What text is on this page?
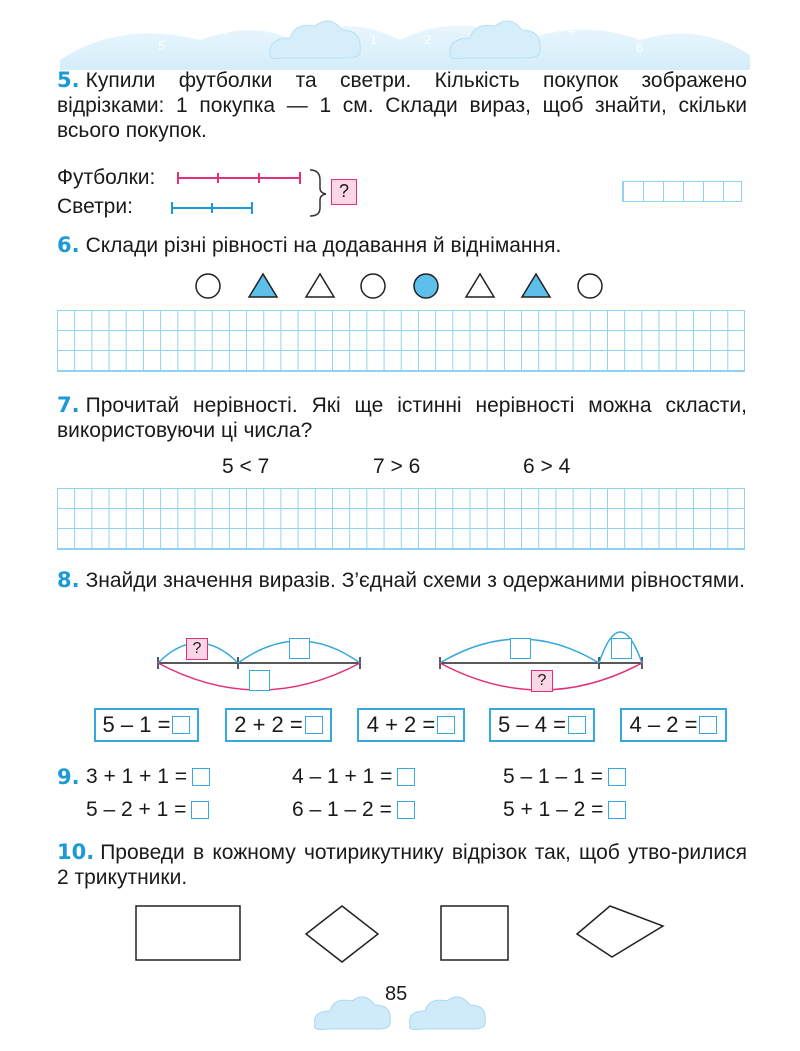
7
5
3
1
0
2
4
6
8
5. Купили футболки та светри. Кількість покупок зображено відрізками: 1 покупка — 1 см. Склади вираз, щоб знайти, скільки всього покупок.
Футболки:
Светри:
?
6. Склади різні рівності на додавання й віднімання.
7. Прочитай нерівності. Які ще істинні нерівності можна скласти, використовуючи ці числа?
5 < 7	7 > 6	6 > 4
8. Знайди значення виразів. З’єднай схеми з одержаними рівностями.
?
?
5 – 1 =	2 + 2 =	4 + 2 =	5 – 4 =	4 – 2 =
9. 3 + 1 + 1 =	4 – 1 + 1 =	5 – 1 – 1 =
5 – 2 + 1 =	6 – 1 – 2 =	5 + 1 – 2 =
10. Проведи в кожному чотирикутнику відрізок так, щоб утво-рилися 2 трикутники.
85
